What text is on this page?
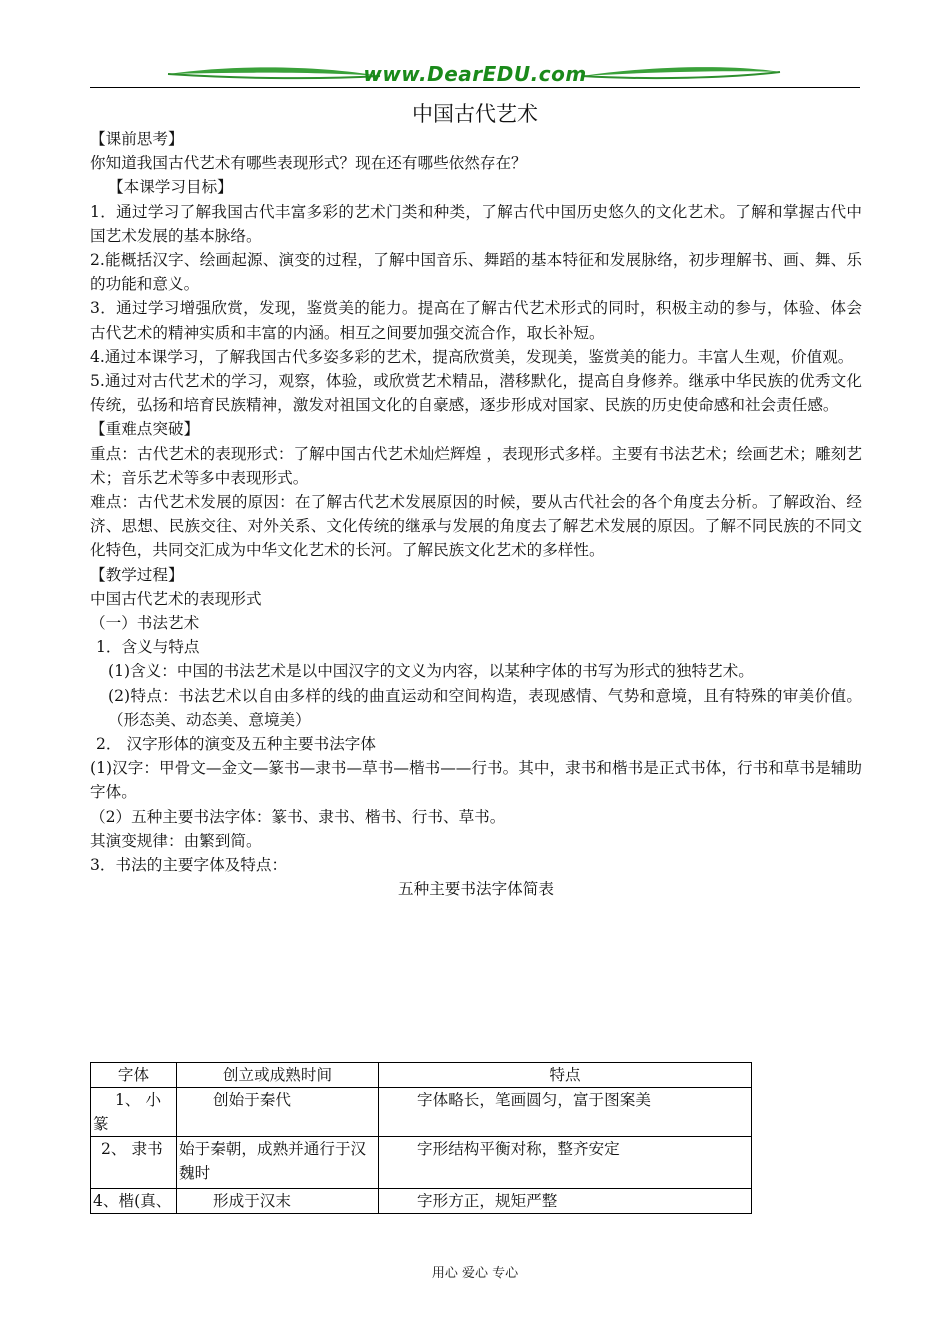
www.DearEDU.com
中国古代艺术

【课前思考】

你知道我国古代艺术有哪些表现形式？现在还有哪些依然存在？

【本课学习目标】

1．通过学习了解我国古代丰富多彩的艺术门类和种类，了解古代中国历史悠久的文化艺术。了解和掌握古代中国艺术发展的基本脉络。

2.能概括汉字、绘画起源、演变的过程，了解中国音乐、舞蹈的基本特征和发展脉络，初步理解书、画、舞、乐的功能和意义。

3．通过学习增强欣赏，发现，鉴赏美的能力。提高在了解古代艺术形式的同时，积极主动的参与，体验、体会古代艺术的精神实质和丰富的内涵。相互之间要加强交流合作，取长补短。

4.通过本课学习，了解我国古代多姿多彩的艺术，提高欣赏美，发现美，鉴赏美的能力。丰富人生观，价值观。

5.通过对古代艺术的学习，观察，体验，或欣赏艺术精品，潜移默化，提高自身修养。继承中华民族的优秀文化传统，弘扬和培育民族精神，激发对祖国文化的自豪感，逐步形成对国家、民族的历史使命感和社会责任感。

【重难点突破】

重点：古代艺术的表现形式：了解中国古代艺术灿烂辉煌 ，表现形式多样。主要有书法艺术；绘画艺术；雕刻艺术；音乐艺术等多中表现形式。

难点：古代艺术发展的原因：在了解古代艺术发展原因的时候，要从古代社会的各个角度去分析。了解政治、经济、思想、民族交往、对外关系、文化传统的继承与发展的角度去了解艺术发展的原因。了解不同民族的不同文化特色，共同交汇成为中华文化艺术的长河。了解民族文化艺术的多样性。

【教学过程】

中国古代艺术的表现形式

（一）书法艺术

1．含义与特点

(1)含义：中国的书法艺术是以中国汉字的文义为内容，以某种字体的书写为形式的独特艺术。

(2)特点：书法艺术以自由多样的线的曲直运动和空间构造，表现感情、气势和意境，且有特殊的审美价值。（形态美、动态美、意境美）

2． 汉字形体的演变及五种主要书法字体

(1)汉字：甲骨文—金文—篆书—隶书—草书—楷书——行书。其中，隶书和楷书是正式书体，行书和草书是辅助字体。

（2）五种主要书法字体：篆书、隶书、楷书、行书、草书。

其演变规律：由繁到简。

3．书法的主要字体及特点：

五种主要书法字体简表

字体	创立或成熟时间	特点
1、 小篆	创始于秦代	字体略长，笔画圆匀，富于图案美
2、 隶书	始于秦朝，成熟并通行于汉魏时	字形结构平衡对称，整齐安定
4、楷(真、	形成于汉末	字形方正，规矩严整
用心 爱心 专心
